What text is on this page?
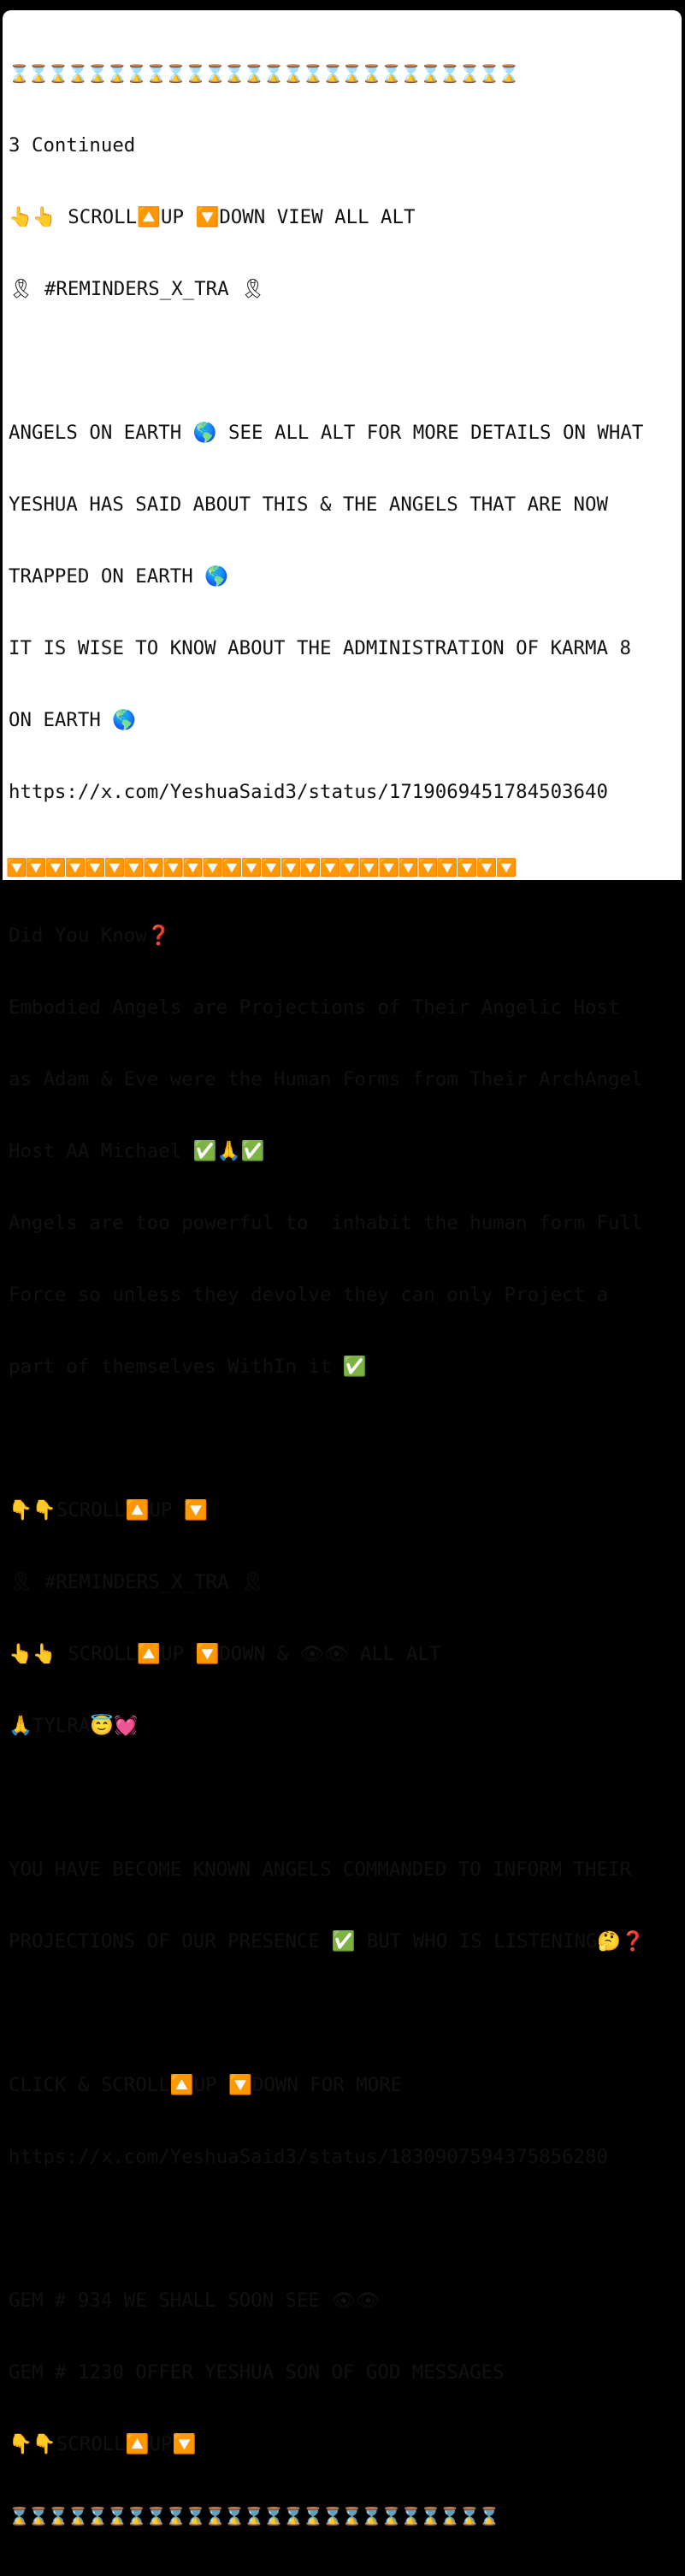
⌛⌛⌛⌛⌛⌛⌛⌛⌛⌛⌛⌛⌛⌛⌛⌛⌛⌛⌛⌛⌛⌛⌛⌛⌛⌛

3 Continued

👆👆 SCROLL🔼UP 🔽DOWN VIEW ALL ALT

🎗 #REMINDERS_X_TRA 🎗

ANGELS ON EARTH 🌎 SEE ALL ALT FOR MORE DETAILS ON WHAT

YESHUA HAS SAID ABOUT THIS & THE ANGELS THAT ARE NOW

TRAPPED ON EARTH 🌎

IT IS WISE TO KNOW ABOUT THE ADMINISTRATION OF KARMA 8

ON EARTH 🌎

https://x.com/YeshuaSaid3/status/1719069451784503640

Did You Know❓

Embodied Angels are Projections of Their Angelic Host

as Adam & Eve were the Human Forms from Their ArchAngel

Host AA Michael ✅🙏✅

Angels are too powerful to  inhabit the human form Full

Force so unless they devolve they can only Project a

part of themselves WithIn it ✅

👇👇SCROLL🔼UP 🔽

🎗 #REMINDERS_X_TRA 🎗

👆👆 SCROLL🔼UP 🔽DOWN & 👁👁 ALL ALT

🙏TYLRA😇💓

YOU HAVE BECOME KNOWN ANGELS COMMANDED TO INFORM THEIR

PROJECTIONS OF OUR PRESENCE ✅ BUT WHO IS LISTENING🤔❓

CLICK & SCROLL🔼UP 🔽DOWN FOR MORE

https://x.com/YeshuaSaid3/status/1830907594375856280

GEM # 934 WE SHALL SOON SEE 👁👁

GEM # 1230 OFFER YESHUA SON OF GOD MESSAGES

👇👇SCROLL🔼UP🔽

⌛⌛⌛⌛⌛⌛⌛⌛⌛⌛⌛⌛⌛⌛⌛⌛⌛⌛⌛⌛⌛⌛⌛⌛⌛

🔽🔽🔽🔽🔽🔽🔽🔽🔽🔽🔽🔽🔽🔽🔽🔽🔽🔽🔽🔽🔽🔽🔽🔽🔽🔽
